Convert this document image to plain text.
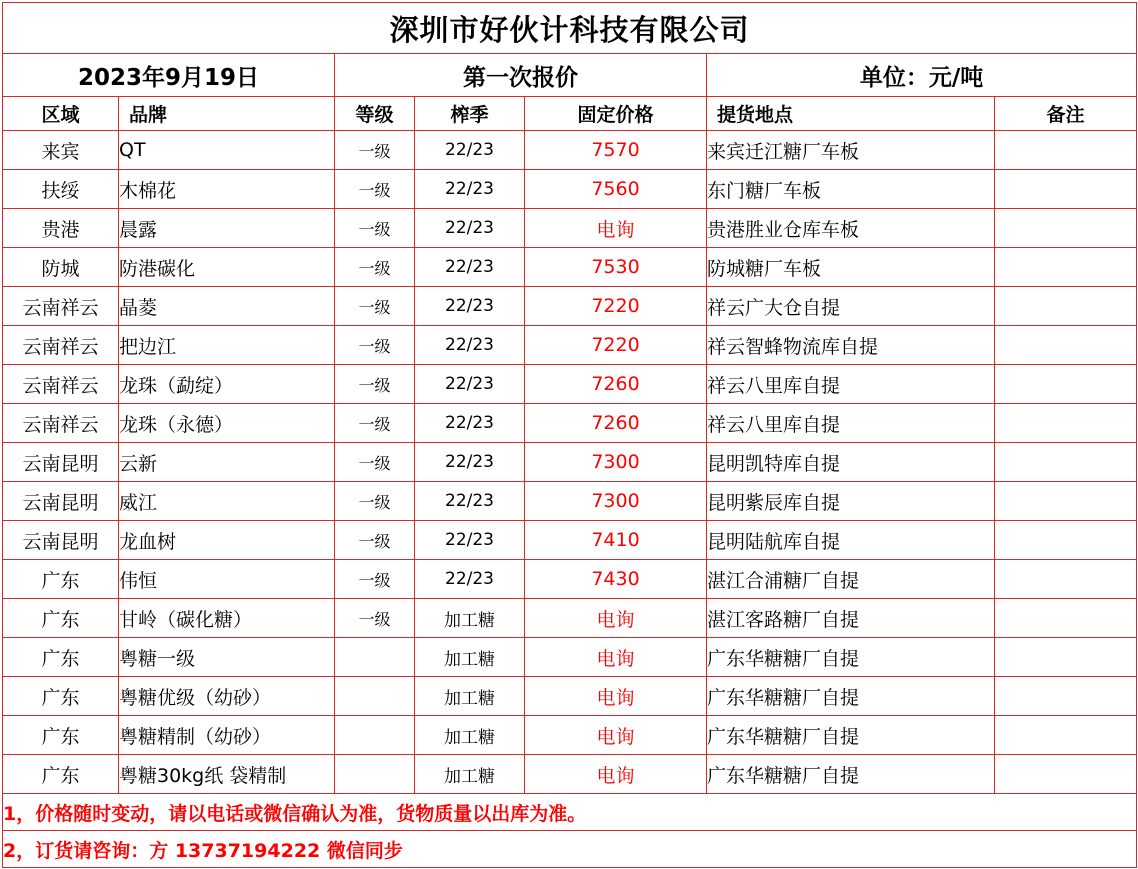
深圳市好伙计科技有限公司						
2023年9月19日		第一次报价			单位：元/吨	
区域	品牌	等级	榨季	固定价格	提货地点	备注
来宾	QT	一级	22/23	7570	来宾迁江糖厂车板	
扶绥	木棉花	一级	22/23	7560	东门糖厂车板	
贵港	晨露	一级	22/23	电询	贵港胜业仓库车板	
防城	防港碳化	一级	22/23	7530	防城糖厂车板	
云南祥云	晶菱	一级	22/23	7220	祥云广大仓自提	
云南祥云	把边江	一级	22/23	7220	祥云智蜂物流库自提	
云南祥云	龙珠（勐绽）	一级	22/23	7260	祥云八里库自提	
云南祥云	龙珠（永德）	一级	22/23	7260	祥云八里库自提	
云南昆明	云新	一级	22/23	7300	昆明凯特库自提	
云南昆明	威江	一级	22/23	7300	昆明紫辰库自提	
云南昆明	龙血树	一级	22/23	7410	昆明陆航库自提	
广东	伟恒	一级	22/23	7430	湛江合浦糖厂自提	
广东	甘岭（碳化糖）	一级	加工糖	电询	湛江客路糖厂自提	
广东	粤糖一级		加工糖	电询	广东华糖糖厂自提	
广东	粤糖优级（幼砂）		加工糖	电询	广东华糖糖厂自提	
广东	粤糖精制（幼砂）		加工糖	电询	广东华糖糖厂自提	
广东	粤糖30kg纸 袋精制		加工糖	电询	广东华糖糖厂自提	
1，价格随时变动，请以电话或微信确认为准，货物质量以出库为准。						
2，订货请咨询：方 13737194222 微信同步						
